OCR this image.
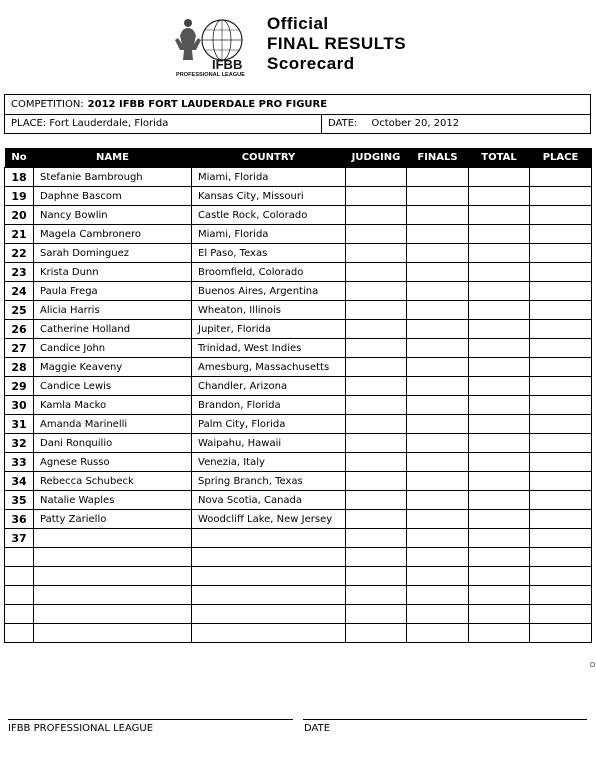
IFBB
PROFESSIONAL LEAGUE
Official
FINAL RESULTS
Scorecard
COMPETITION: 2012 IFBB FORT LAUDERDALE PRO FIGURE
PLACE: Fort Lauderdale, Florida	DATE: October 20, 2012
No	NAME	COUNTRY	JUDGING	FINALS	TOTAL	PLACE
18	Stefanie Bambrough	Miami, Florida				
19	Daphne Bascom	Kansas City, Missouri				
20	Nancy Bowlin	Castle Rock, Colorado				
21	Magela Cambronero	Miami, Florida				
22	Sarah Dominguez	El Paso, Texas				
23	Krista Dunn	Broomfield, Colorado				
24	Paula Frega	Buenos Aires, Argentina				
25	Alicia Harris	Wheaton, Illinois				
26	Catherine Holland	Jupiter, Florida				
27	Candice John	Trinidad, West Indies				
28	Maggie Keaveny	Amesburg, Massachusetts				
29	Candice Lewis	Chandler, Arizona				
30	Kamla Macko	Brandon, Florida				
31	Amanda Marinelli	Palm City, Florida				
32	Dani Ronquilio	Waipahu, Hawaii				
33	Agnese Russo	Venezia, Italy				
34	Rebecca Schubeck	Spring Branch, Texas				
35	Natalie Waples	Nova Scotia, Canada				
36	Patty Zariello	Woodcliff Lake, New Jersey				
37						

IFBB PROFESSIONAL LEAGUE	DATE
